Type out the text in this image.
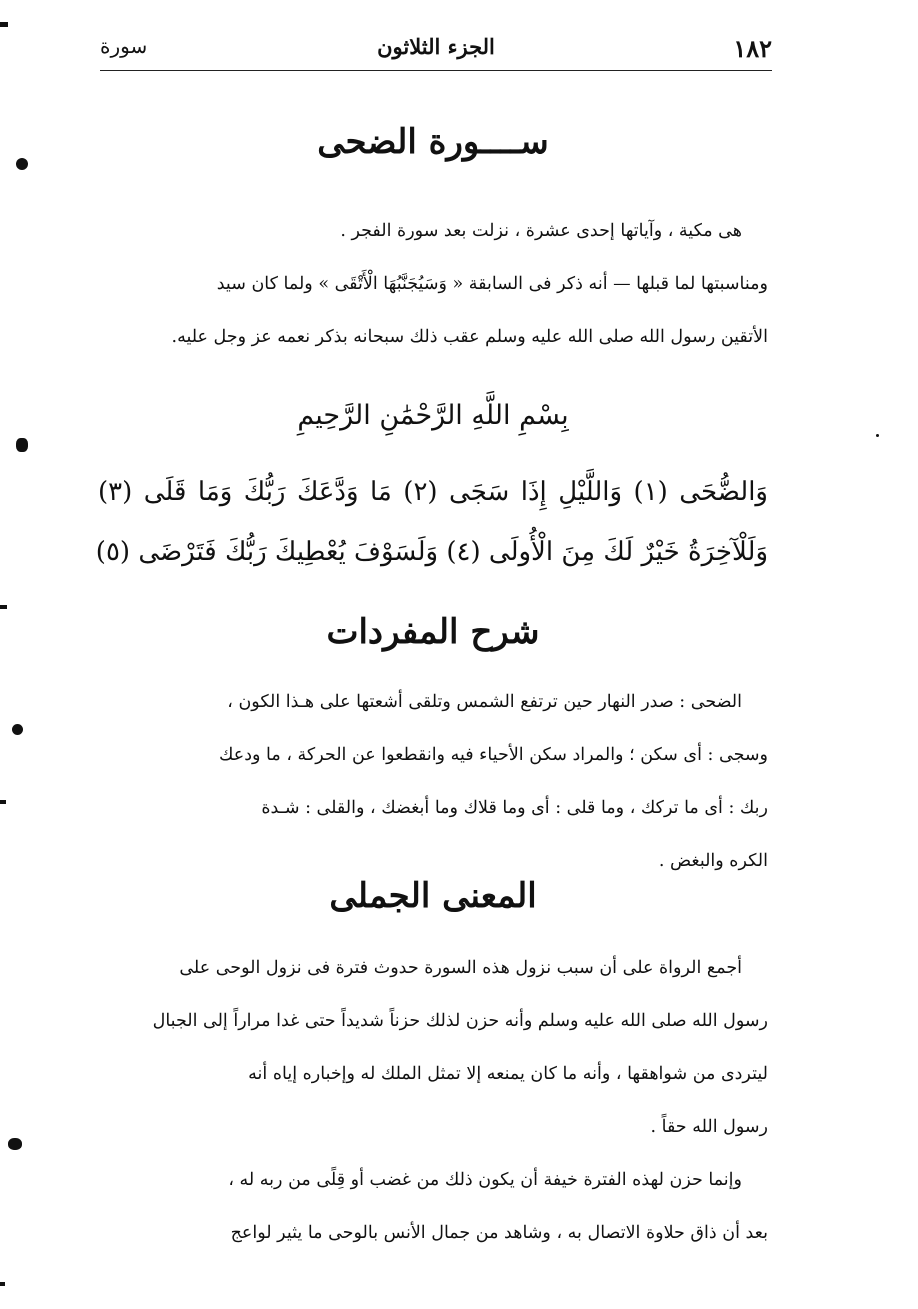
١٨٢
الجزء الثلاثون
سورة
ســــورة الضحى
هى مكية ، وآياتها إحدى عشرة ، نزلت بعد سورة الفجر .
ومناسبتها لما قبلها — أنه ذكر فى السابقة « وَسَيُجَنَّبُهَا الْأَتْقَى » ولما كان سيد
الأتقين رسول الله صلى الله عليه وسلم عقب ذلك سبحانه بذكر نعمه عز وجل عليه.
بِسْمِ اللَّهِ الرَّحْمَٰنِ الرَّحِيمِ
وَالضُّحَى (١) وَاللَّيْلِ إِذَا سَجَى (٢) مَا وَدَّعَكَ رَبُّكَ وَمَا قَلَى (٣)
وَلَلْآخِرَةُ خَيْرٌ لَكَ مِنَ الْأُولَى (٤) وَلَسَوْفَ يُعْطِيكَ رَبُّكَ فَتَرْضَى (٥)
شرح المفردات
الضحى : صدر النهار حين ترتفع الشمس وتلقى أشعتها على هـذا الكون ،
وسجى : أى سكن ؛ والمراد سكن الأحياء فيه وانقطعوا عن الحركة ، ما ودعك
ربك : أى ما تركك ، وما قلى : أى وما قلاك وما أبغضك ، والقلى : شـدة
الكره والبغض .
المعنى الجملى
أجمع الرواة على أن سبب نزول هذه السورة حدوث فترة فى نزول الوحى على
رسول الله صلى الله عليه وسلم وأنه حزن لذلك حزناً شديداً حتى غدا مراراً إلى الجبال
ليتردى من شواهقها ، وأنه ما كان يمنعه إلا تمثل الملك له وإخباره إياه أنه
رسول الله حقاً .
وإنما حزن لهذه الفترة خيفة أن يكون ذلك من غضب أو قِلًى من ربه له ،
بعد أن ذاق حلاوة الاتصال به ، وشاهد من جمال الأنس بالوحى ما يثير لواعج
